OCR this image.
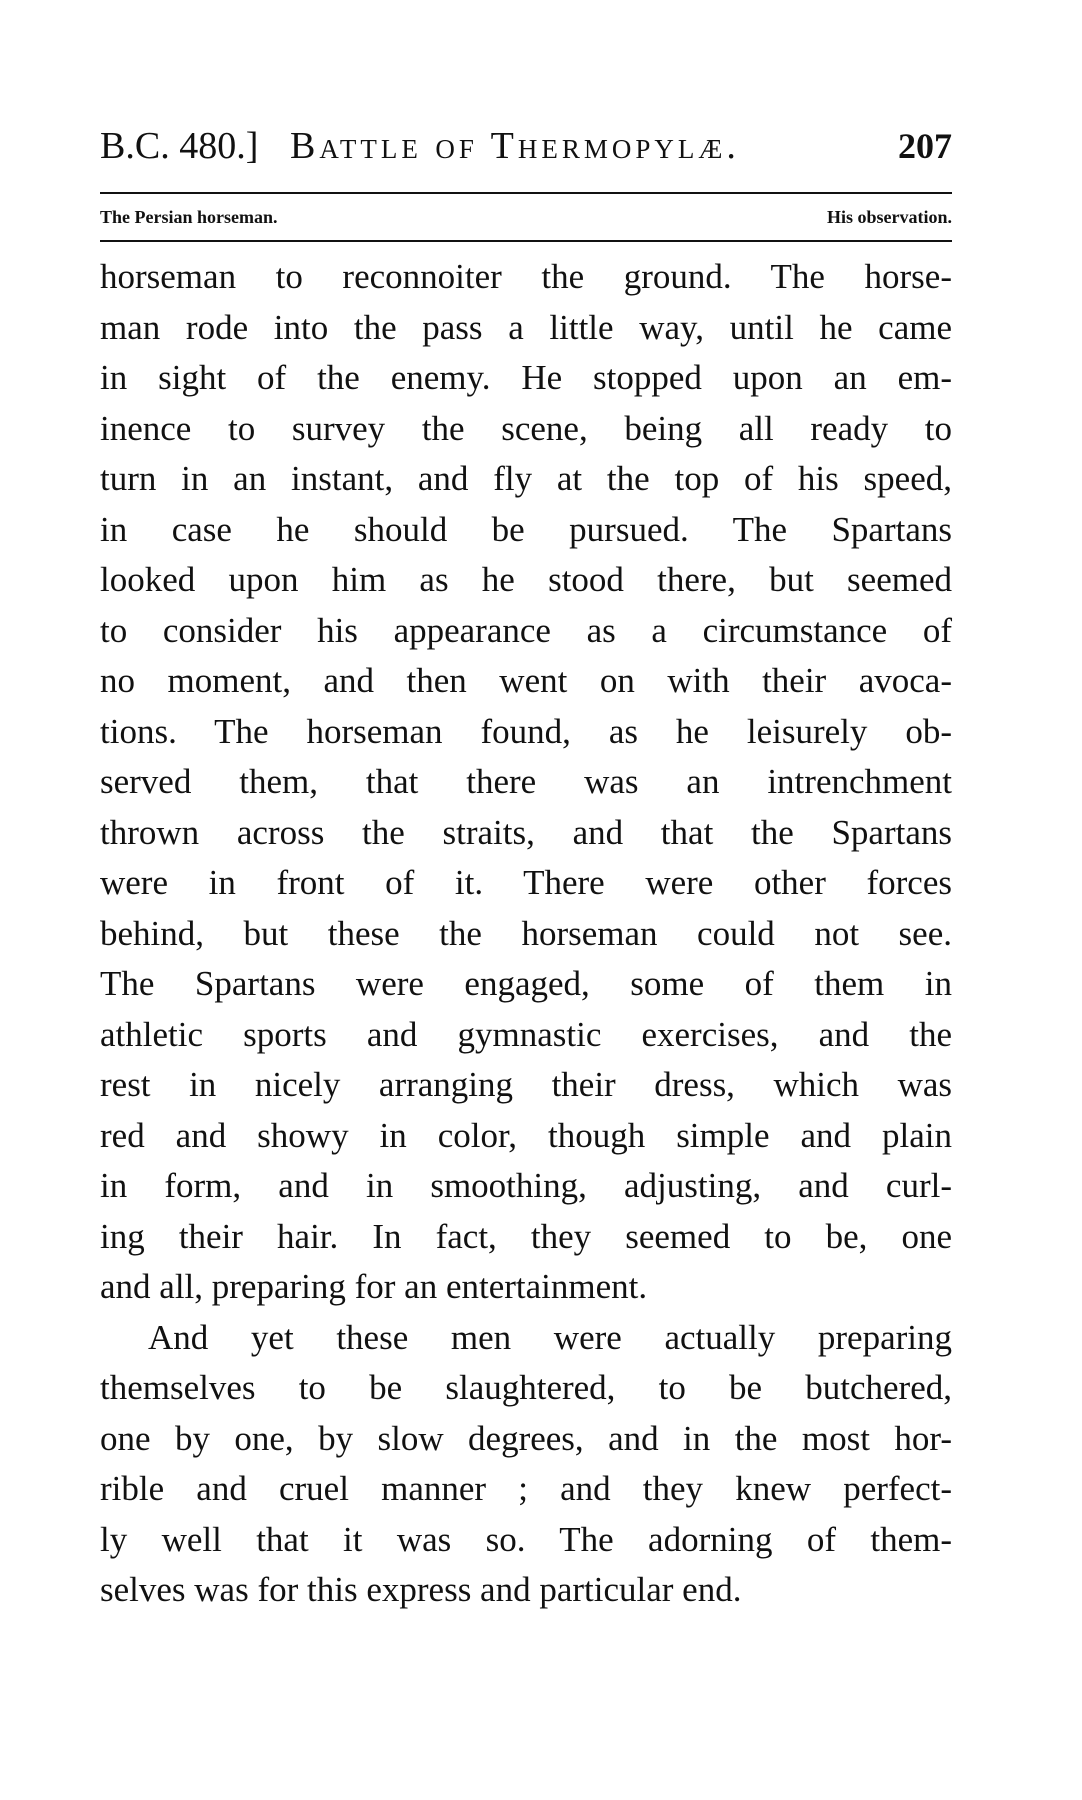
B.C. 480.] Battle of Thermopylæ.	207
The Persian horseman.	His observation.
horseman to reconnoiter the ground. The horse-
man rode into the pass a little way, until he came
in sight of the enemy. He stopped upon an em-
inence to survey the scene, being all ready to
turn in an instant, and fly at the top of his speed,
in case he should be pursued. The Spartans
looked upon him as he stood there, but seemed
to consider his appearance as a circumstance of
no moment, and then went on with their avoca-
tions. The horseman found, as he leisurely ob-
served them, that there was an intrenchment
thrown across the straits, and that the Spartans
were in front of it. There were other forces
behind, but these the horseman could not see.
The Spartans were engaged, some of them in
athletic sports and gymnastic exercises, and the
rest in nicely arranging their dress, which was
red and showy in color, though simple and plain
in form, and in smoothing, adjusting, and curl-
ing their hair. In fact, they seemed to be, one
and all, preparing for an entertainment.
And yet these men were actually preparing
themselves to be slaughtered, to be butchered,
one by one, by slow degrees, and in the most hor-
rible and cruel manner ; and they knew perfect-
ly well that it was so. The adorning of them-
selves was for this express and particular end.
